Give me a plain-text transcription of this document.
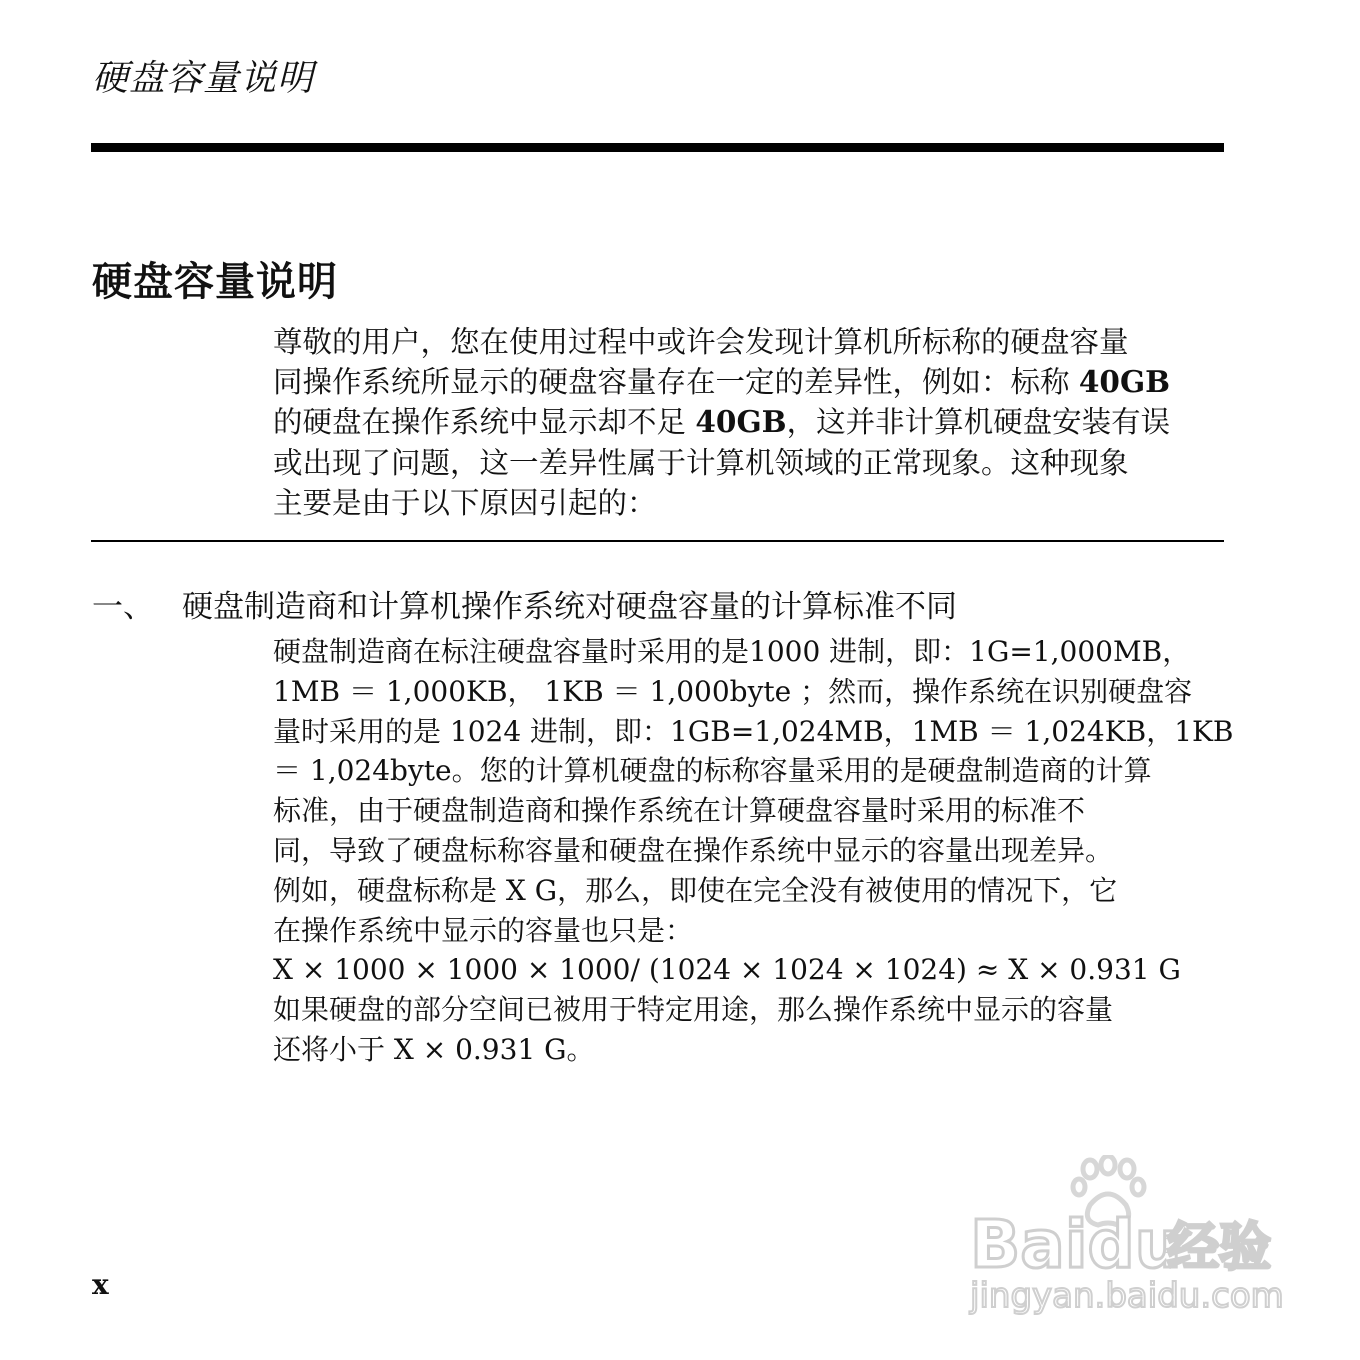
硬盘容量说明
硬盘容量说明
尊敬的用户，您在使用过程中或许会发现计算机所标称的硬盘容量
同操作系统所显示的硬盘容量存在一定的差异性，例如：标称 40GB
的硬盘在操作系统中显示却不足 40GB，这并非计算机硬盘安装有误
或出现了问题，这一差异性属于计算机领域的正常现象。这种现象
主要是由于以下原因引起的：
一、 硬盘制造商和计算机操作系统对硬盘容量的计算标准不同
硬盘制造商在标注硬盘容量时采用的是1000 进制，即：1G=1,000MB，
1MB ＝ 1,000KB， 1KB ＝ 1,000byte ；然而，操作系统在识别硬盘容
量时采用的是 1024 进制，即：1GB=1,024MB，1MB ＝ 1,024KB，1KB
＝ 1,024byte。您的计算机硬盘的标称容量采用的是硬盘制造商的计算
标准，由于硬盘制造商和操作系统在计算硬盘容量时采用的标准不
同，导致了硬盘标称容量和硬盘在操作系统中显示的容量出现差异。
例如，硬盘标称是 X G，那么，即使在完全没有被使用的情况下，它
在操作系统中显示的容量也只是：
X × 1000 × 1000 × 1000/ (1024 × 1024 × 1024) ≈ X × 0.931 G
如果硬盘的部分空间已被用于特定用途，那么操作系统中显示的容量
还将小于 X × 0.931 G。
x
Baidu
经验
jingyan.baidu.com
